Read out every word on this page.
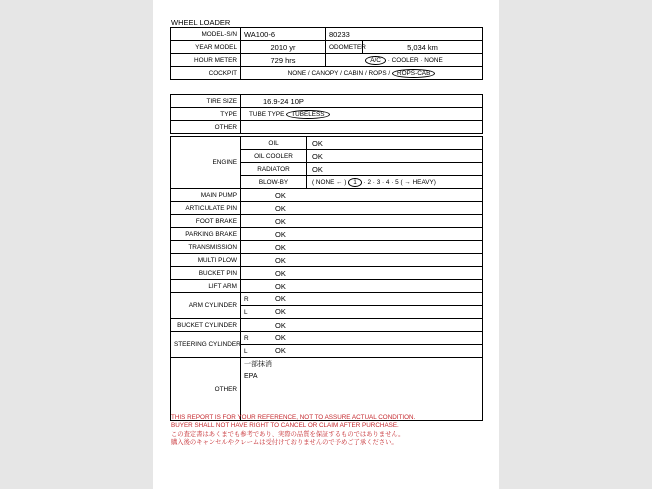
WHEEL LOADER
MODEL-S/N	WA100-6	80233	
YEAR MODEL	2010 yr	ODOMETER	5,034 km
HOUR METER	729 hrs	A/C · COOLER · NONE	
COCKPIT	NONE / CANOPY / CABIN / ROPS / ROPS-CAB		
TIRE SIZE	16.9-24 10P
TYPE	TUBE TYPE TUBELESS
OTHER	
ENGINE	OIL	OK
	OIL COOLER	OK
	RADIATOR	OK
	BLOW-BY	( NONE ← ) 1 · 2 · 3 · 4 · 5 ( → HEAVY)
MAIN PUMP	OK	
ARTICULATE PIN	OK	
FOOT BRAKE	OK	
PARKING BRAKE	OK	
TRANSMISSION	OK	
MULTI PLOW	OK	
BUCKET PIN	OK	
LIFT ARM	OK	
ARM CYLINDER	R OK	
	L OK	
BUCKET CYLINDER	OK	
STEERING CYLINDER	R OK	
	L OK	
OTHER	一部抹消
EPA	
THIS REPORT IS FOR YOUR REFERENCE, NOT TO ASSURE ACTUAL CONDITION.
BUYER SHALL NOT HAVE RIGHT TO CANCEL OR CLAIM AFTER PURCHASE.
この査定書はあくまでも参考であり、実際の品質を保証するものではありません。
購入後のキャンセルやクレームは受付けておりませんので予めご了承ください。
